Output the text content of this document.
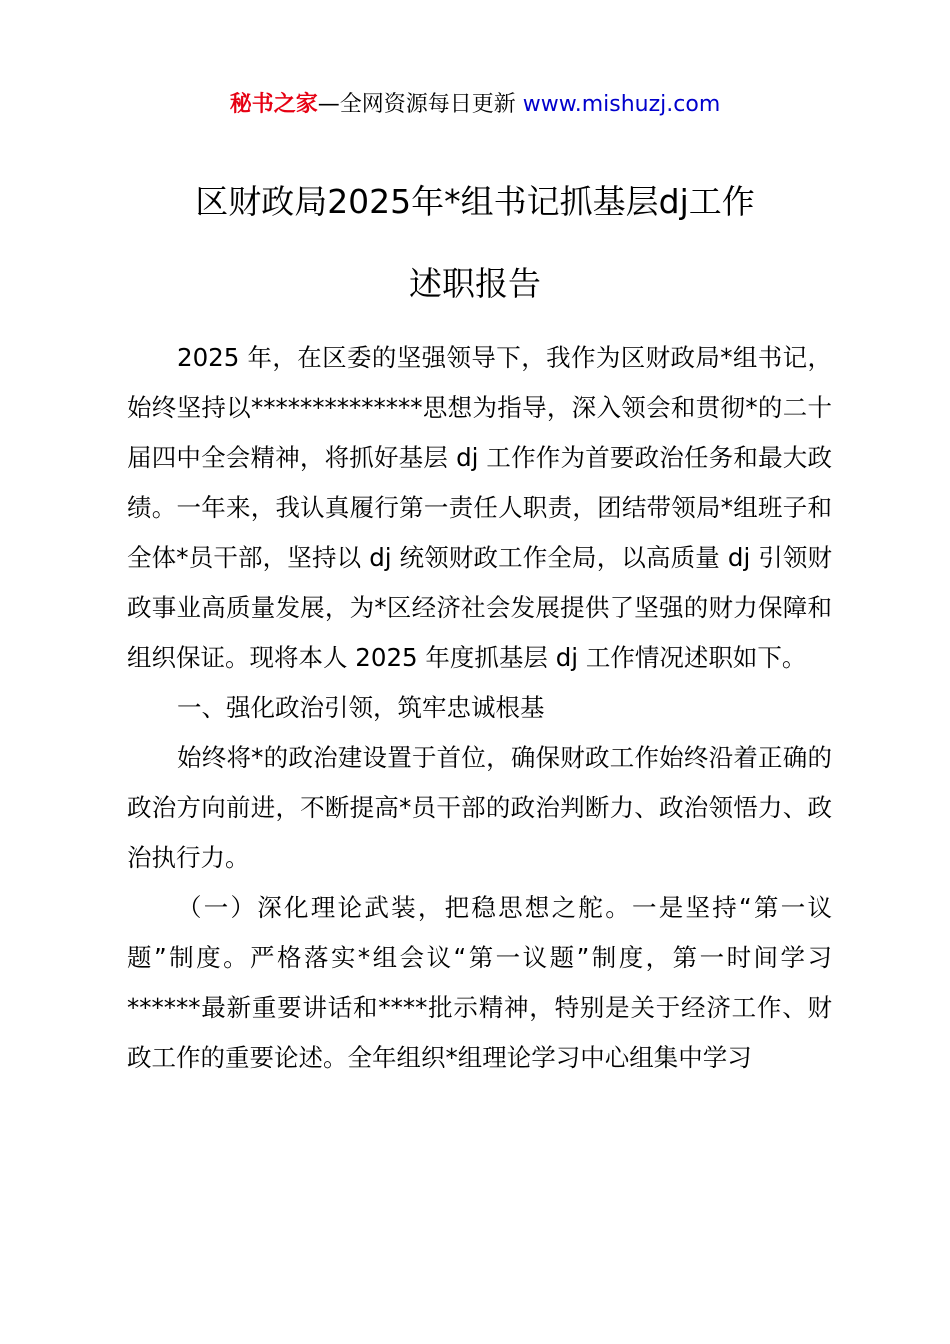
秘书之家—全网资源每日更新 www.mishuzj.com
区财政局2025年*组书记抓基层dj工作
述职报告

2025 年，在区委的坚强领导下，我作为区财政局*组书记，始终坚持以**************思想为指导，深入领会和贯彻*的二十届四中全会精神，将抓好基层 dj 工作作为首要政治任务和最大政绩。一年来，我认真履行第一责任人职责，团结带领局*组班子和全体*员干部，坚持以 dj 统领财政工作全局，以高质量 dj 引领财政事业高质量发展，为*区经济社会发展提供了坚强的财力保障和组织保证。现将本人 2025 年度抓基层 dj 工作情况述职如下。

一、强化政治引领，筑牢忠诚根基

始终将*的政治建设置于首位，确保财政工作始终沿着正确的政治方向前进，不断提高*员干部的政治判断力、政治领悟力、政治执行力。

（一）深化理论武装，把稳思想之舵。一是坚持“第一议题”制度。严格落实*组会议“第一议题”制度，第一时间学习******最新重要讲话和****批示精神，特别是关于经济工作、财政工作的重要论述。全年组织*组理论学习中心组集中学习
